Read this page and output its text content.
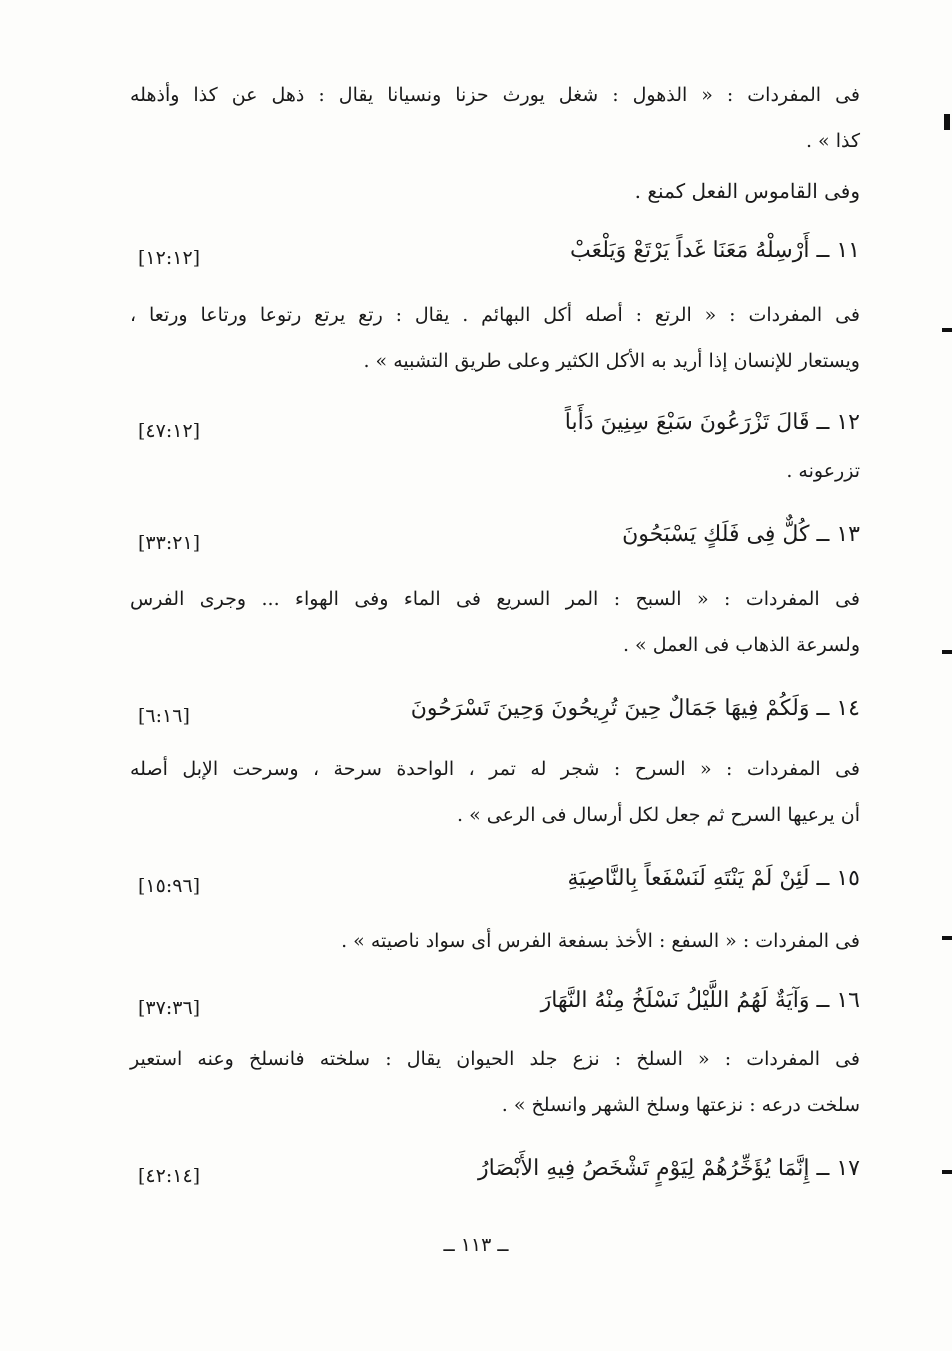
فى المفردات : « الذهول : شغل يورث حزنا ونسيانا يقال : ذهل عن كذا وأذهله
كذا » .
وفى القاموس الفعل كمنع .
١١ ــ أَرْسِلْهُ مَعَنَا غَداً يَرْتَعْ وَيَلْعَبْ
[١٢:١٢]
فى المفردات : « الرتع : أصله أكل البهائم . يقال : رتع يرتع رتوعا ورتاعا ورتعا ،
ويستعار للإنسان إذا أريد به الأكل الكثير وعلى طريق التشبيه » .
١٢ ــ قَالَ تَزْرَعُونَ سَبْعَ سِنِينَ دَأَباً
[٤٧:١٢]
تزرعونه .
١٣ ــ كُلٌّ فِى فَلَكٍ يَسْبَحُونَ
[٣٣:٢١]
فى المفردات : « السبح : المر السريع فى الماء وفى الهواء ... وجرى الفرس
ولسرعة الذهاب فى العمل » .
١٤ ــ وَلَكُمْ فِيهَا جَمَالٌ حِينَ تُرِيحُونَ وَحِينَ تَسْرَحُونَ
[٦:١٦]
فى المفردات : « السرح : شجر له تمر ، الواحدة سرحة ، وسرحت الإبل أصله
أن يرعيها السرح ثم جعل لكل أرسال فى الرعى » .
١٥ ــ لَئِنْ لَمْ يَنْتَهِ لَنَسْفَعاً بِالنَّاصِيَةِ
[١٥:٩٦]
فى المفردات : « السفع : الأخذ بسفعة الفرس أى سواد ناصيته » .
١٦ ــ وَآيَةٌ لَهُمُ اللَّيْلُ نَسْلَخُ مِنْهُ النَّهَارَ
[٣٧:٣٦]
فى المفردات : « السلخ : نزع جلد الحيوان يقال : سلخته فانسلخ وعنه استعير
سلخت درعه : نزعتها وسلخ الشهر وانسلخ » .
١٧ ــ إِنَّمَا يُؤَخِّرُهُمْ لِيَوْمٍ تَشْخَصُ فِيهِ الأَبْصَارُ
[٤٢:١٤]
ــ ١١٣ ــ
